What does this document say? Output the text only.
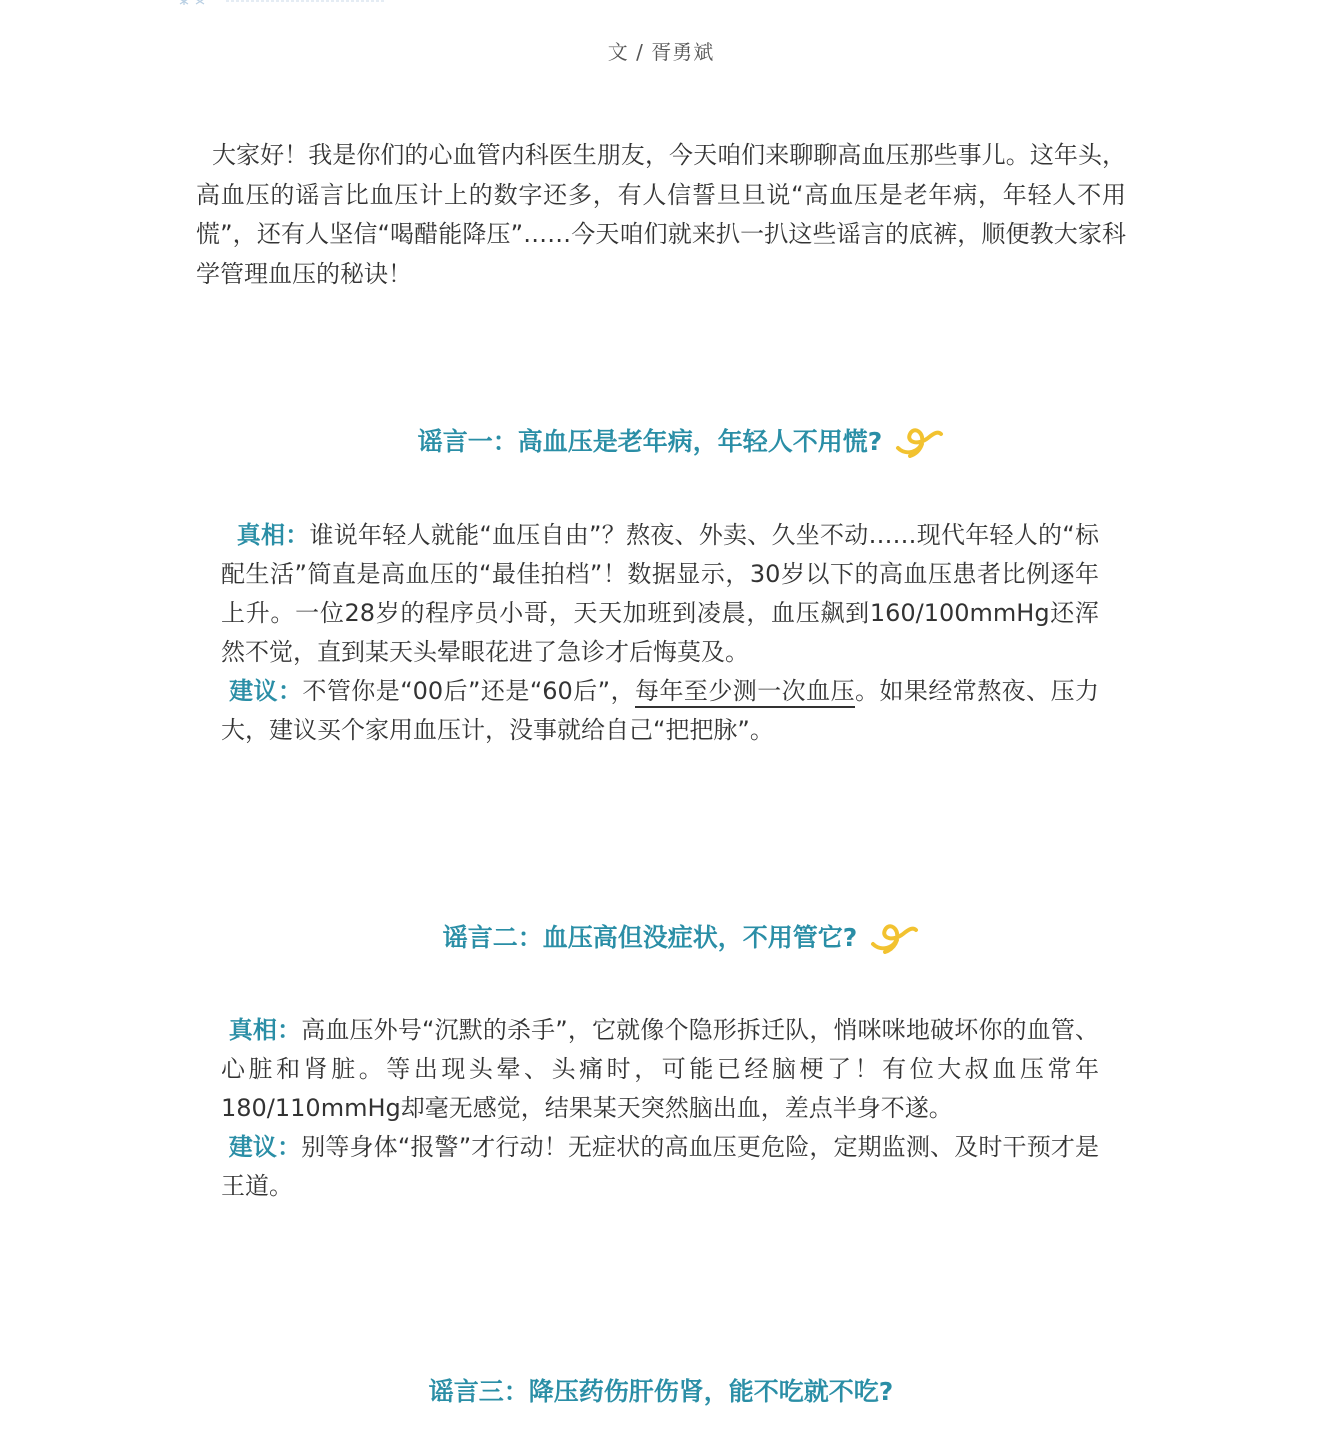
文 / 胥勇斌

大家好！我是你们的心血管内科医生朋友，今天咱们来聊聊高血压那些事儿。这年头，高血压的谣言比血压计上的数字还多，有人信誓旦旦说“高血压是老年病，年轻人不用慌”，还有人坚信“喝醋能降压”……今天咱们就来扒一扒这些谣言的底裤，顺便教大家科学管理血压的秘诀！

谣言一：高血压是老年病，年轻人不用慌?

真相：谁说年轻人就能“血压自由”？熬夜、外卖、久坐不动……现代年轻人的“标配生活”简直是高血压的“最佳拍档”！数据显示，30岁以下的高血压患者比例逐年上升。一位28岁的程序员小哥，天天加班到凌晨，血压飙到160/100mmHg还浑然不觉，直到某天头晕眼花进了急诊才后悔莫及。

建议：不管你是“00后”还是“60后”，每年至少测一次血压。如果经常熬夜、压力大，建议买个家用血压计，没事就给自己“把把脉”。

谣言二：血压高但没症状，不用管它?

真相：高血压外号“沉默的杀手”，它就像个隐形拆迁队，悄咪咪地破坏你的血管、心脏和肾脏。等出现头晕、头痛时，可能已经脑梗了！有位大叔血压常年180/110mmHg却毫无感觉，结果某天突然脑出血，差点半身不遂。

建议：别等身体“报警”才行动！无症状的高血压更危险，定期监测、及时干预才是王道。

谣言三：降压药伤肝伤肾，能不吃就不吃?
